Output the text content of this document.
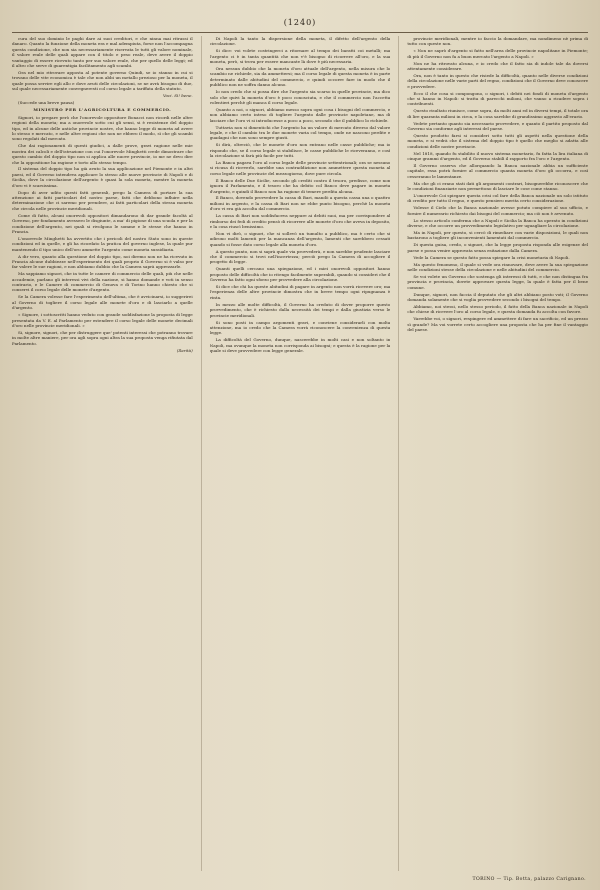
(1240)

cura del suo dominio le paghi dare ai suoi creditori, e che ninna mai ritrassi il danaro. Quanto la funzione della moneta era e mal adempiuta, forse non l'accompagna questa condizione, che non sia necessariamente riservata le tutti gli valore nominale, il valore reale delle quali appare con il titolo e peso reale, deve avere il doppio vantaggio di essere ricevuto tanto per suo valore reale, che per quello delle leggi; ed il altro che serve di guarentigia facilitamento agli scambi.

Ora nel mio ritrovare apposta al potente governo Quindi, se io stanno in cui si trovano delle vite economica è tale che non abbi un metallo prezioso per la moneta, il quale possa servire egli allo e dove avuti delle circolazioni, se ne avrà bisogno di due, sul quale necessariamente convegneresti col corso legale a tariffata della statuto.

Voci. Sì! bene.

(Succede una breve pausa)

MINISTRO PER L'AGRICOLTURA E COMMERCIO.

Signori, io pregare però che l'onorevole oppositore Bonacci non ricordi nelle altre regioni della moneta; ma a onorevole sotto cui gli sensi, si è resistenze del doppio tipo, ed in alcune delle antiche provincie nostre, che hanno legge di moneta ad avere lo stesso e mercato, e nelle altre regioni che non ne ebbero il modo, sì che gli scambi sono regolati dal mercato.

Che dai ragionamenti di questi giudici, a dalle prove, gravi ragione nelle mie mostra dei calcoli e dell'istruzione con cui l'onorevole Minghetti crede dimostrare che questo cambio del doppio tipo non si applica alle nuove provincie, io me ne devo dire che la oppositione ha ragione e torto allo stesso tempo.

Il sistema del doppio tipo ha già avuto la sua applicazione nel Piemonte e in altri paesi, ed il Governo intendeva applicare lo stesso alle nuove provincie di Napoli e di Sicilia, dove la circolazione dell'argento è quasi la sola moneta, mentre la moneta d'oro vi è scarsissima.

Dopo di aver udito questi fatti generali, prego la Camera di portare la sua attenzione ai fatti particolari del nostro paese, fatti che debbono influire nella determinazione che ci saremo per prendere, ai fatti particolari della stessa moneta che circola nelle provincie meridionali.

Come di fatto, alcuni onorevoli oppositori dimandarono di dar grande facoltà al Governo, per fondamento avessero le disgiunte, a ma' di pigione di una scuola e per la condizione dell'argento, nei quali si rivolgono le somme e le stesse che hanno in Francia.

L'onorevole Minghetti ha avvertito che i pericoli del nostro Stato sono in queste condizioni ed in quelle, e gli ha ricordato la pratica del governo inglese, la quale pur mantenendo il tipo unico dell'oro ammette l'argento come moneta sussidiaria.

A dir vero, quanto alla questione del doppio tipo, noi diremo non ne ha ricevuto in Francia alcune dubbiezze nell'esperimento dei quali proprio il Governo si è valso per far valere le sue ragioni, e non abbiamo dubbio che la Camera saprà apprezzarle.

Ma sappiamo signori, che in tutte le camere di commercio delle quali, più che nelle accademie, parlano gli interessi vivi della nazione, si hanno domande e voti in senso contrario, e le Camere di commercio di Genova e di Torino hanno chiesto che si conservi il corso legale delle monete d'argento.

Se la Camera volesse fare l'esperimento dell'ultima, che è avvicinarsi, io suggerirei al Governo di togliere il corso legale alle monete d'oro e di lasciarlo a quelle d'argento.

« Signore, i sottoscritti hanno veduto con grande soddisfazione la proposta di legge presentata da V. E. al Parlamento per estendere il corso legale delle monete decimali d'oro nelle provincie meridionali. »

Si, signore, signori, che per distruggere que' potenti interessi che potranno trovare in molte altre maniere, per ora agli sopra ogni altra la sua proposta venga rifiutata dal Parlamento.

(Ilarità)

Di Napoli la tanto la dispersione della moneta, il difetto dell'argento della circolazione.

Si dice: voi volete costringerci a ritornare al tempo dei baratti coi metalli; ma l'argento ci è in tanta quantità che non v'è bisogno di ricorrere all'oro, e la sua moneta, però, si trova per essere mancante là dove è più necessaria.

Ora nessun dubbio che la moneta d'oro attuale dell'argento, nella misura che lo scambio ne richiede, sia da ammettersi; ma il corso legale di questa moneta è in parte determinato dalle abitudini del commercio, e quindi occorre fare in modo che il pubblico non ne soffra danno alcuno.

Io non credo che si possa dire che l'argento sia scarso in quelle provincie, ma dico solo che quivi la moneta d'oro è poco conosciuta, e che il commercio non l'accetta volentieri perchè gli manca il corso legale.

Quanto a noi, o signori, abbiamo messo sopra ogni cosa i bisogni del commercio, e non abbiamo certo inteso di togliere l'argento dalle provincie napoletane, ma di lasciare che l'oro vi si introducesse a poco a poco, secondo che il pubblico lo richiede.

Tuttavia non si dimentichi che l'argento ha un valore di mercato diverso dal valore legale, e che il cambio tra le due monete varia col tempo, onde ne nascono perdite e guadagni che non sono sempre giusti.

Si dirà, oltreciò, che le monete d'oro non entrano nelle casse pubbliche; ma io rispondo che, se il corso legale si stabilisce, le casse pubbliche le riceveranno, e così la circolazione si farà più facile per tutti.

La Banca pagava l'oro al corso legale delle provincie settentrionali; ora se nessuno si ricusa di riceverlo, sarebbe una contraddizione non ammettere questa moneta al corso legale nelle provincie del mezzogiorno, dove pure circola.

Il Banco delle Due Sicilie, secondo gli crediti contro il tesoro, predisse, come non ignora il Parlamento, e il tesoro che ha debito col Banco deve pagare in moneta d'argento, e quindi il Banco non ha ragione di temere perdita alcuna.

Il Banco, dovendo provvedere la cassa di Bari, mandò a questa cassa una o quattro milioni in argento, e la cassa di Bari non ne ebbe punto bisogno, perchè la moneta d'oro vi era già accolta dal commercio.

La cassa di Bari non soddisfaceva neppure ai debiti suoi, ma per corrispondere al rimborso dei fedi di credito pensò di ricorrere alle monete d'oro che aveva in deposito, e la cosa riuscì benissimo.

Non vi dirò, o signori, che si sollevò un tumulto a pubblico, ma è certo che si udirono molti lamenti per la mancanza dell'argento, lamenti che sarebbero cessati quando si fosse dato corso legale alla moneta d'oro.

A questo punto, non si saprà quale via provvederà, e non sarebbe prudente lasciare che il commercio si trovi nell'incertezza; perciò prego la Camera di accogliere il progetto di legge.

Quanti quelli cercano una spiegazione, ed i miei onorevoli oppositori hanno proposto delle difficoltà che io ritengo facilmente superabili, quando si consideri che il Governo ha fatto ogni sforzo per provvedere alla circolazione.

Si dice che chi ha queste abitudini di pagare in argento non vorrà ricevere oro; ma l'esperienza delle altre provincie dimostra che in breve tempo ogni ripugnanza è vinta.

In mezzo alle molte difficoltà, il Governo ha creduto di dover proporre questo provvedimento, che è richiesto dalla necessità dei tempi e dalla giustizia verso le provincie meridionali.

Si sono posti in campo argomenti gravi, e conviene considerarli con molta attenzione, ma io credo che la Camera vorrà riconoscere la convenienza di questa legge.

La difficoltà del Governo, dunque, nascerebbe in molti casi e non soltanto in Napoli, ma ovunque la moneta non corrisponda ai bisogni; e questa è la ragione per la quale si deve provvedere con legge generale.

provincie meridionali, mentre io faccio la domandare, ma nondimeno nè prima di tutto con queste non.

« Non ne saprò d'argento si fatto nell'area delle provincie napolitane in Piemonte; di più il Governo non fa a buon mercato l'argento a Napoli. »

Non ne ha ritrovato alcuna, e io credo che il fatto sia di indole tale da doversi attentamente considerare.

Ora, non è tanto in questo che risiede la difficoltà, quanto nelle diverse condizioni della circolazione nelle varie parti del regno, condizioni che il Governo deve conoscere e provvedere.

Ecco il che cosa si compongono, o signori, i debiti nei fondi di moneta d'argento che si hanno in Napoli: si tratta di parecchi milioni, che vanno a ricadere sopra i contribuenti.

Questo risultato riunisce, come sopra, da molti anni ed in diversi tempi, il totale ora di lire quaranta milioni in circa, e la cosa sarebbe di grandissimo aggravio all'erario.

Vedete pertanto quanto sia necessario provvedere, e quanto il partito proposto dal Governo sia conforme agli interessi del paese.

Questo prodotto farsi si consideri sotto tutti gli aspetti nella questione della moneta, e si vedrà che il sistema del doppio tipo è quello che meglio si adatta alle condizioni delle nostre provincie.

Nel 1818, quando fu stabilito il nuovo sistema monetario, fu fatta la lira italiana di cinque grammi d'argento, ed il Governo stabilì il rapporto fra l'oro e l'argento.

Il Governo osserva che allorquando la Banca nazionale abbia un sufficiente capitale, essa potrà fornire al commercio quanta moneta d'oro gli occorra, e così cesseranno le lamentanze.

Ma che gli ci erano stati dati gli argomenti contrari, bisognerebbe riconoscere che le condizioni finanziarie non permettono di lasciare le cose come stanno.

L'onorevole Coi spiegare questa crisi col fare della Banca nazionale un solo istituto di credito per tutto il regno, e questo pensiero merita certo considerazione.

Volesse il Cielo che la Banca nazionale avesse potuto compiere al suo ufficio, e fornire il numerario richiesto dai bisogni del commercio; ma ciò non è avvenuto.

Lo stesso articolo conferma che a Napoli e Sicilia la Banca ha operato in condizioni diverse, e che occorre un provvedimento legislativo per uguagliare la circolazione.

Ma in Napoli, per questo, si cercò di rimediare con varie disposizioni, le quali non bastarono a togliere gli inconvenienti lamentati dal commercio.

Di questa guisa, credo, o signori, che la legge proposta risponda alle esigenze del paese e possa venire approvata senza esitazione dalla Camera.

Vede la Camera se questo fatto possa spiegare la crisi monetaria di Napoli.

Ma questo fenomeno, il quale si vede ora rinnovare, deve avere la sua spiegazione nelle condizioni stesse della circolazione e nelle abitudini del commercio.

Se voi volete un Governo che sostenga gli interessi di tutti, e che non distingua fra provincia e provincia, dovete approvare questa legge, la quale è fatta per il bene comune.

Dunque, signori, non faccia il deputato che gli altri abbiano posto voti; il Governo domanda solamente che si voglia provvedere secondo i bisogni del tempo.

Abbiamo, noi stessi, nello stesso periodo, il fatto della Banca nazionale in Napoli che chiese di ricevere l'oro al corso legale, e questa domanda fu accolta con favore.

Varrebbe voi, o signori, respingere ed ammettere di fare un sacrificio, ed un prezzo sì grande? Ma voi vorrete certo accogliere una proposta che ha per fine il vantaggio del paese.

TORINO — Tip. Botta, palazzo Carignano.
